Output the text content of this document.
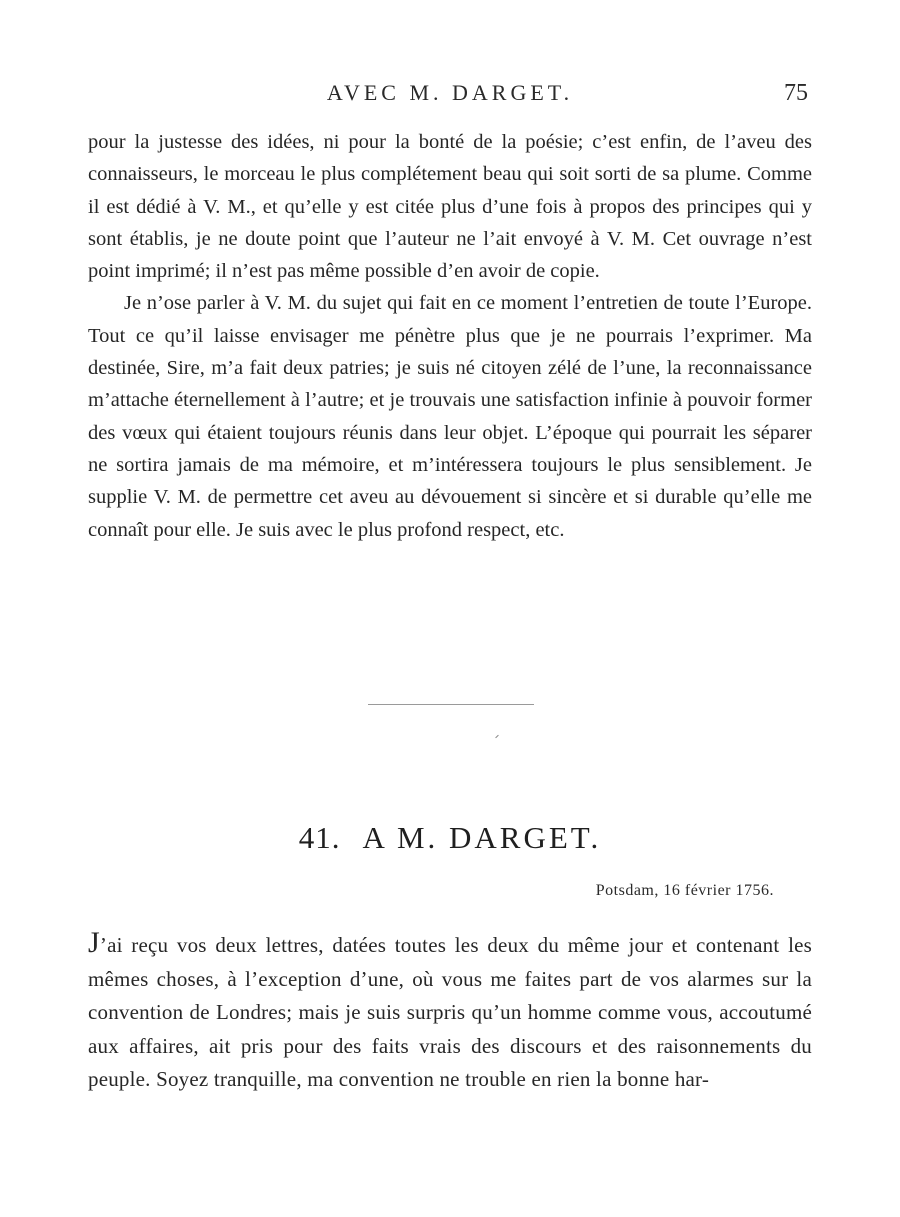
AVEC M. DARGET.	75

pour la justesse des idées, ni pour la bonté de la poésie; c’est enfin, de l’aveu des connaisseurs, le morceau le plus complétement beau qui soit sorti de sa plume. Comme il est dédié à V. M., et qu’elle y est citée plus d’une fois à propos des principes qui y sont établis, je ne doute point que l’auteur ne l’ait envoyé à V. M. Cet ouvrage n’est point imprimé; il n’est pas même possible d’en avoir de copie.

Je n’ose parler à V. M. du sujet qui fait en ce moment l’entretien de toute l’Europe. Tout ce qu’il laisse envisager me pénètre plus que je ne pourrais l’exprimer. Ma destinée, Sire, m’a fait deux patries; je suis né citoyen zélé de l’une, la reconnaissance m’attache éternellement à l’autre; et je trouvais une satisfaction infinie à pouvoir former des vœux qui étaient toujours réunis dans leur objet. L’époque qui pourrait les séparer ne sortira jamais de ma mémoire, et m’intéressera toujours le plus sensiblement. Je supplie V. M. de permettre cet aveu au dévouement si sincère et si durable qu’elle me connaît pour elle. Je suis avec le plus profond respect, etc.

41. A M. DARGET.
Potsdam, 16 février 1756.

J’ai reçu vos deux lettres, datées toutes les deux du même jour et contenant les mêmes choses, à l’exception d’une, où vous me faites part de vos alarmes sur la convention de Londres; mais je suis surpris qu’un homme comme vous, accoutumé aux affaires, ait pris pour des faits vrais des discours et des raisonnements du peuple. Soyez tranquille, ma convention ne trouble en rien la bonne har-
